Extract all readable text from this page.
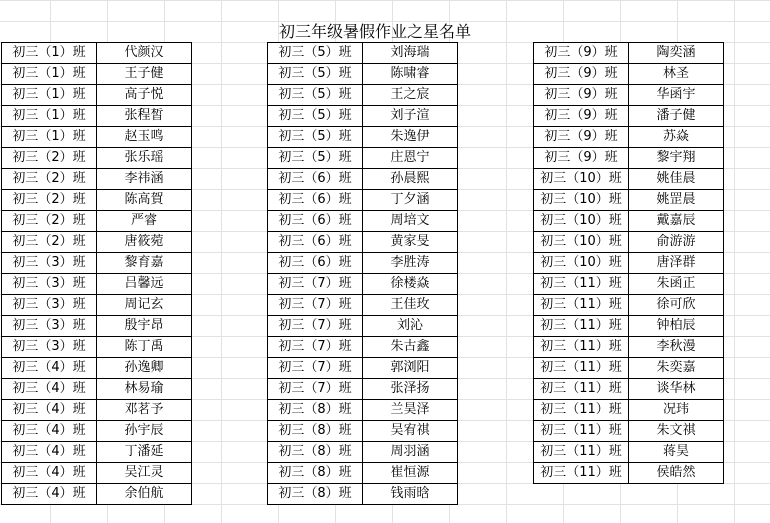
初三年级暑假作业之星名单
初三（1）班	代颜汉
初三（1）班	王子健
初三（1）班	高子悦
初三（1）班	张程皙
初三（1）班	赵玉鸣
初三（2）班	张乐瑶
初三（2）班	李祎涵
初三（2）班	陈高賀
初三（2）班	严睿
初三（2）班	唐筱菀
初三（3）班	黎育嘉
初三（3）班	吕馨远
初三（3）班	周记玄
初三（3）班	殷宇昂
初三（3）班	陈丁禹
初三（4）班	孙逸卿
初三（4）班	林易瑜
初三（4）班	邓茗予
初三（4）班	孙宇辰
初三（4）班	丁潘延
初三（4）班	吴江灵
初三（4）班	余伯航
初三（5）班	刘海瑞
初三（5）班	陈啸睿
初三（5）班	王之宸
初三（5）班	刘子渲
初三（5）班	朱逸伊
初三（5）班	庄恩宁
初三（6）班	孙晨熙
初三（6）班	丁夕涵
初三（6）班	周培文
初三（6）班	黄家旻
初三（6）班	李胜涛
初三（7）班	徐楼焱
初三（7）班	王佳玫
初三（7）班	刘沁
初三（7）班	朱古鑫
初三（7）班	郭浏阳
初三（7）班	张泽扬
初三（8）班	兰昊泽
初三（8）班	吴宥祺
初三（8）班	周羽涵
初三（8）班	崔恒源
初三（8）班	钱雨晗
初三（9）班	陶奕涵
初三（9）班	林圣
初三（9）班	华函宇
初三（9）班	潘子健
初三（9）班	苏焱
初三（9）班	黎宇翔
初三（10）班	姚佳晨
初三（10）班	姚罡晨
初三（10）班	戴嘉辰
初三（10）班	俞游游
初三（10）班	唐泽群
初三（11）班	朱函正
初三（11）班	徐可欣
初三（11）班	钟柏辰
初三（11）班	李秋漫
初三（11）班	朱奕嘉
初三（11）班	谈华林
初三（11）班	况玮
初三（11）班	朱文祺
初三（11）班	蒋昊
初三（11）班	侯皓然
